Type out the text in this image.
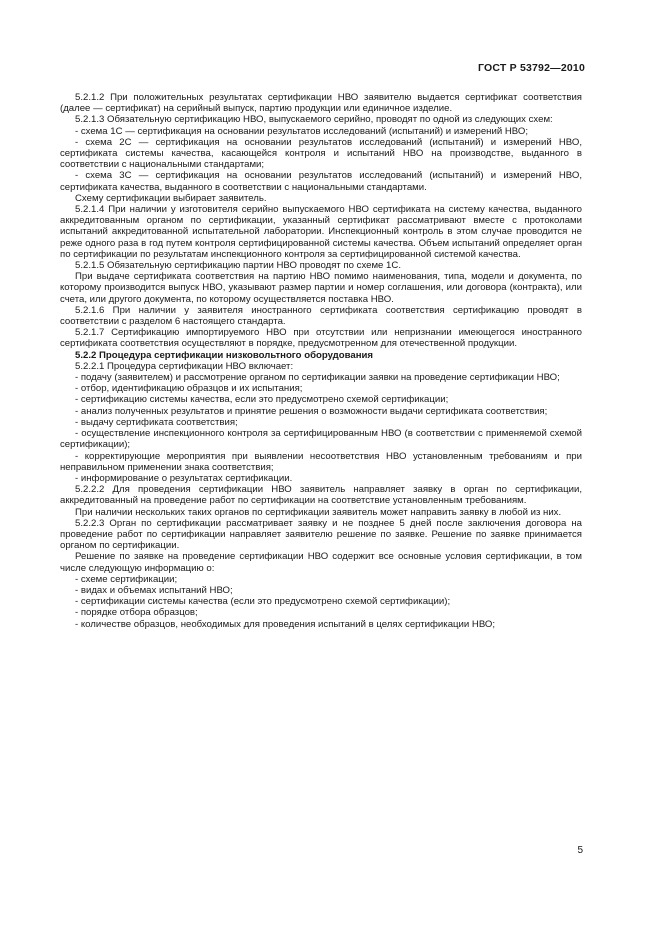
ГОСТ Р 53792—2010

5.2.1.2 При положительных результатах сертификации НВО заявителю выдается сертификат соответствия (далее — сертификат) на серийный выпуск, партию продукции или единичное изделие.

5.2.1.3 Обязательную сертификацию НВО, выпускаемого серийно, проводят по одной из следующих схем:

- схема 1С — сертификация на основании результатов исследований (испытаний) и измерений НВО;

- схема 2С — сертификация на основании результатов исследований (испытаний) и измерений НВО, сертификата системы качества, касающейся контроля и испытаний НВО на производстве, выданного в соответствии с национальными стандартами;

- схема 3С — сертификация на основании результатов исследований (испытаний) и измерений НВО, сертификата качества, выданного в соответствии с национальными стандартами.

Схему сертификации выбирает заявитель.

5.2.1.4 При наличии у изготовителя серийно выпускаемого НВО сертификата на систему качества, выданного аккредитованным органом по сертификации, указанный сертификат рассматривают вместе с протоколами испытаний аккредитованной испытательной лаборатории. Инспекционный контроль в этом случае проводится не реже одного раза в год путем контроля сертифицированной системы качества. Объем испытаний определяет орган по сертификации по результатам инспекционного контроля за сертифицированной системой качества.

5.2.1.5 Обязательную сертификацию партии НВО проводят по схеме 1С.

При выдаче сертификата соответствия на партию НВО помимо наименования, типа, модели и документа, по которому производится выпуск НВО, указывают размер партии и номер соглашения, или договора (контракта), или счета, или другого документа, по которому осуществляется поставка НВО.

5.2.1.6 При наличии у заявителя иностранного сертификата соответствия сертификацию проводят в соответствии с разделом 6 настоящего стандарта.

5.2.1.7 Сертификацию импортируемого НВО при отсутствии или непризнании имеющегося иностранного сертификата соответствия осуществляют в порядке, предусмотренном для отечественной продукции.

5.2.2 Процедура сертификации низковольтного оборудования

5.2.2.1 Процедура сертификации НВО включает:

- подачу (заявителем) и рассмотрение органом по сертификации заявки на проведение сертификации НВО;

- отбор, идентификацию образцов и их испытания;

- сертификацию системы качества, если это предусмотрено схемой сертификации;

- анализ полученных результатов и принятие решения о возможности выдачи сертификата соответствия;

- выдачу сертификата соответствия;

- осуществление инспекционного контроля за сертифицированным НВО (в соответствии с применяемой схемой сертификации);

- корректирующие мероприятия при выявлении несоответствия НВО установленным требованиям и при неправильном применении знака соответствия;

- информирование о результатах сертификации.

5.2.2.2 Для проведения сертификации НВО заявитель направляет заявку в орган по сертификации, аккредитованный на проведение работ по сертификации на соответствие установленным требованиям.

При наличии нескольких таких органов по сертификации заявитель может направить заявку в любой из них.

5.2.2.3 Орган по сертификации рассматривает заявку и не позднее 5 дней после заключения договора на проведение работ по сертификации направляет заявителю решение по заявке. Решение по заявке принимается органом по сертификации.

Решение по заявке на проведение сертификации НВО содержит все основные условия сертификации, в том числе следующую информацию о:

- схеме сертификации;

- видах и объемах испытаний НВО;

- сертификации системы качества (если это предусмотрено схемой сертификации);

- порядке отбора образцов;

- количестве образцов, необходимых для проведения испытаний в целях сертификации НВО;

5
